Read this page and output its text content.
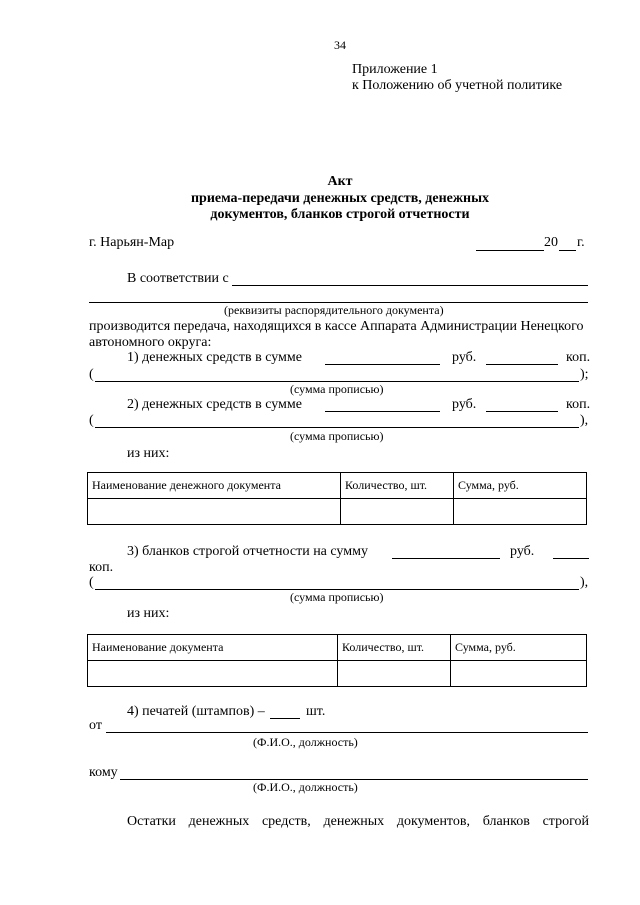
34
Приложение 1
к Положению об учетной политике
Акт
приема-передачи денежных средств, денежных
документов, бланков строгой отчетности
г. Нарьян-Мар	20 г.
В соответствии с
(реквизиты распорядительного документа)
производится передача, находящихся в кассе Аппарата Администрации Ненецкого
автономного округа:
1) денежных средств в сумме	руб.	коп.
(	);
(сумма прописью)
2) денежных средств в сумме	руб.	коп.
(	),
(сумма прописью)
из них:
Наименование денежного документа	Количество, шт.	Сумма, руб.

3) бланков строгой отчетности на сумму	руб.
коп.
(	),
(сумма прописью)
из них:
Наименование документа	Количество, шт.	Сумма, руб.

4) печатей (штампов) –	шт.
от
(Ф.И.О., должность)
кому
(Ф.И.О., должность)
Остатки денежных средств, денежных документов, бланков строгой
